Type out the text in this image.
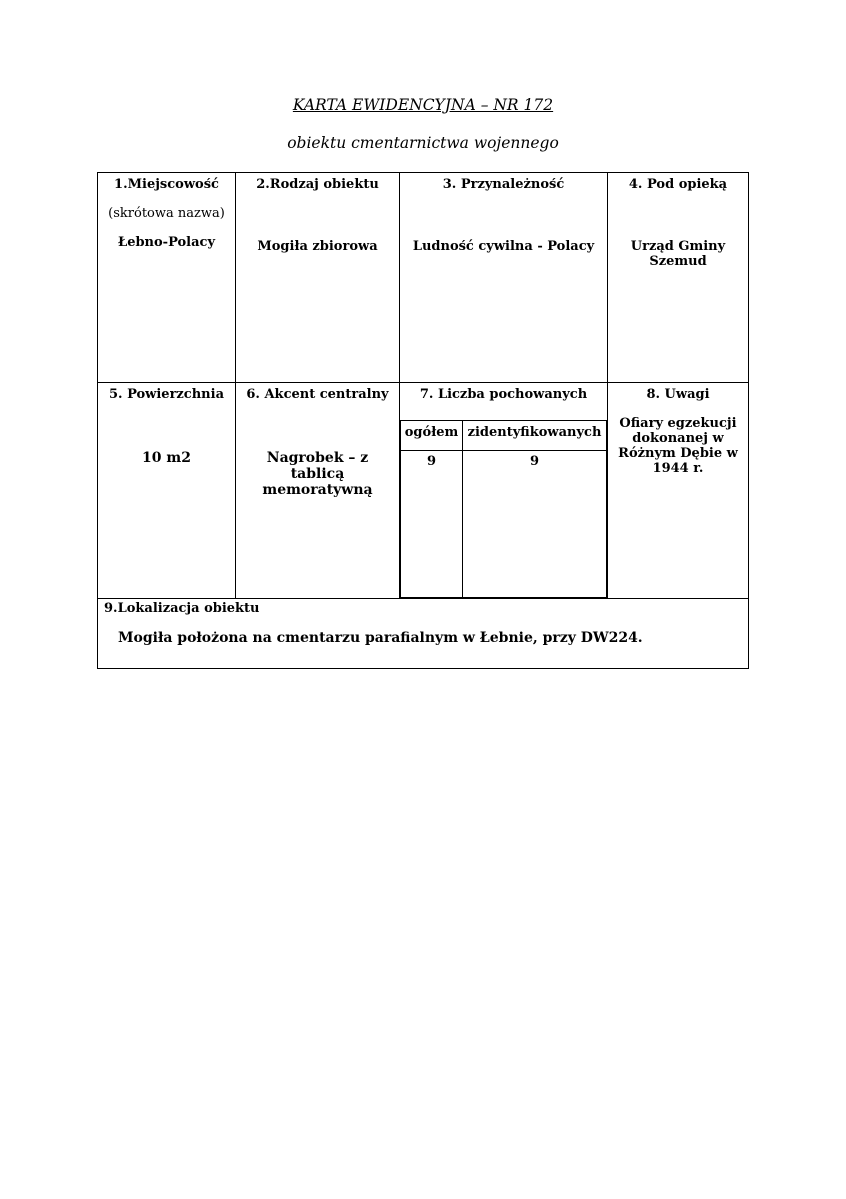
KARTA EWIDENCYJNA – NR 172
obiektu cmentarnictwa wojennego
1.Miejscowość
(skrótowa nazwa)
Łebno-Polacy

2.Rodzaj obiektu
Mogiła zbiorowa

3. Przynależność
Ludność cywilna - Polacy

4. Pod opieką
Urząd Gminy Szemud

5. Powierzchnia
10 m2

6. Akcent centralny
Nagrobek – z tablicą memoratywną

7. Liczba pochowanych
ogółem	zidentyfikowanych
9	9

8. Uwagi
Ofiary egzekucji dokonanej w Różnym Dębie w 1944 r.

9.Lokalizacja obiektu
Mogiła położona na cmentarzu parafialnym w Łebnie, przy DW224.
